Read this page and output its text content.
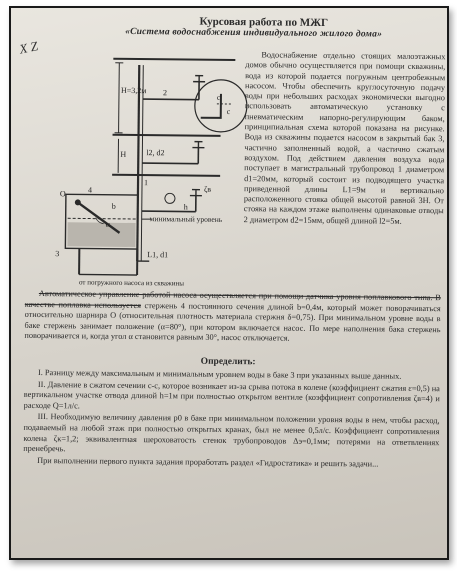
Х Z
Курсовая работа по МЖГ
«Система водоснабжения индивидуального жилого дома»
Н=3,2м 2
с
с
Н	l2, d2
ζв
h
О	4
b
α
1
3
минимальный уровень
L1, d1
от погружного насоса из скважины

Водоснабжение отдельно стоящих малоэтажных домов обычно осуществляется при помощи скважины, вода из которой подается погружным центробежным насосом. Чтобы обеспечить круглосуточную подачу воды при небольших расходах экономически выгодно использовать автоматическую установку с пневматическим напорно-регулирующим баком, принципиальная схема которой показана на рисунке. Вода из скважины подается насосом в закрытый бак 3, частично заполненный водой, а частично сжатым воздухом. Под действием давления воздуха вода поступает в магистральный трубопровод 1 диаметром d1=20мм, который состоит из подводящего участка приведенной длины L1=9м и вертикально расположенного стояка общей высотой равной 3Н. От стояка на каждом этаже выполнены одинаковые отводы 2 диаметром d2=15мм, общей длиной l2=5м.

Автоматическое управление работой насоса осуществляется при помощи датчика уровня поплавкового типа. В качестве поплавка используется стержень 4 постоянного сечения длиной b=0,4м, который может поворачиваться относительно шарнира О (относительная плотность материала стержня δ=0,75). При минимальном уровне воды в баке стержень занимает положение (α=80°), при котором включается насос. По мере наполнения бака стержень поворачивается и, когда угол α становится равным 30°, насос отключается.

Определить:

I. Разницу между максимальным и минимальным уровнем воды в баке 3 при указанных выше данных.

II. Давление в сжатом сечении с-с, которое возникает из-за срыва потока в колене (коэффициент сжатия ε=0,5) на вертикальном участке отвода длиной h=1м при полностью открытом вентиле (коэффициент сопротивления ζв=4) и расходе Q=1л/с.

III. Необходимую величину давления р0 в баке при минимальном положении уровня воды в нем, чтобы расход, подаваемый на любой этаж при полностью открытых кранах, был не менее 0,5л/с. Коэффициент сопротивления колена ζк=1,2; эквивалентная шероховатость стенок трубопроводов Δэ=0,1мм; потерями на ответвлениях пренебречь.

При выполнении первого пункта задания проработать раздел «Гидростатика» и решить задачи...
